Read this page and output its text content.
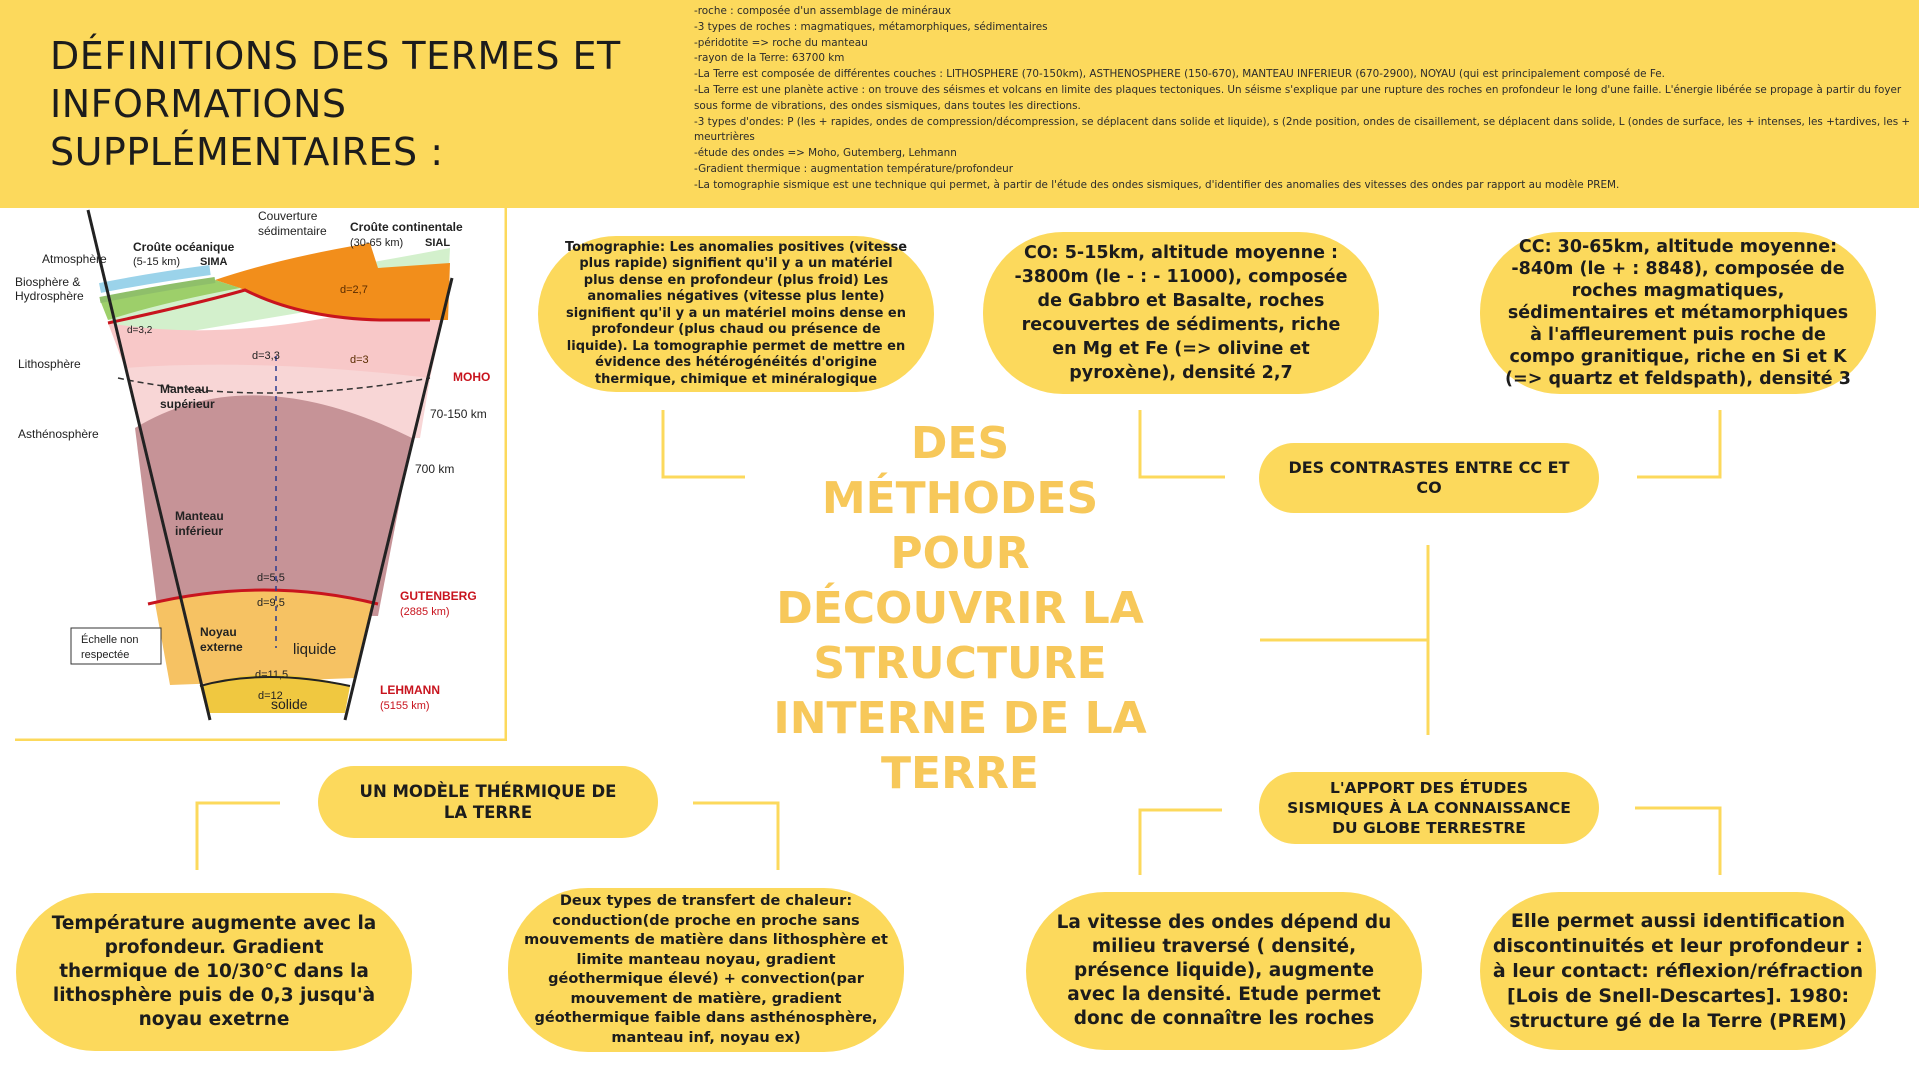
DÉFINITIONS DES TERMES ET
INFORMATIONS
SUPPLÉMENTAIRES :
-roche : composée d'un assemblage de minéraux
-3 types de roches : magmatiques, métamorphiques, sédimentaires
-péridotite => roche du manteau
-rayon de la Terre: 63700 km
-La Terre est composée de différentes couches : LITHOSPHERE (70-150km), ASTHENOSPHERE (150-670), MANTEAU INFERIEUR (670-2900), NOYAU (qui est principalement composé de Fe.
-La Terre est une planète active : on trouve des séismes et volcans en limite des plaques tectoniques. Un séisme s'explique par une rupture des roches en profondeur le long d'une faille. L'énergie libérée se propage à partir du foyer sous forme de vibrations, des ondes sismiques, dans toutes les directions.
-3 types d'ondes: P (les + rapides, ondes de compression/décompression, se déplacent dans solide et liquide), s (2nde position, ondes de cisaillement, se déplacent dans solide, L (ondes de surface, les + intenses, les +tardives, les + meurtrières
-étude des ondes => Moho, Gutemberg, Lehmann
-Gradient thermique : augmentation température/profondeur
-La tomographie sismique est une technique qui permet, à partir de l'étude des ondes sismiques, d'identifier des anomalies des vitesses des ondes par rapport au modèle PREM.
Atmosphère
Biosphère &
Hydrosphère
Lithosphère
Asthénosphère
Croûte océanique
(5-15 km) SIMA
Couverture
sédimentaire Croûte continentale
(30-65 km) SIAL
d=2,7
d=3,2
d=3,3	d=3
MOHO
70-150 km
700 km
Manteau
supérieur
Manteau
inférieur
d=5,5
d=9,5	GUTENBERG
(2885 km)
Noyau
externe	liquide
Échelle non
respectée
d=11,5
d=12
solide
LEHMANN
(5155 km)
DES
MÉTHODES
POUR
DÉCOUVRIR LA
STRUCTURE
INTERNE DE LA
TERRE
Tomographie: Les anomalies positives (vitesse plus rapide) signifient qu'il y a un matériel plus dense en profondeur (plus froid) Les anomalies négatives (vitesse plus lente) signifient qu'il y a un matériel moins dense en profondeur (plus chaud ou présence de liquide). La tomographie permet de mettre en évidence des hétérogénéités d'origine thermique, chimique et minéralogique
CO: 5-15km, altitude moyenne : -3800m (le - : - 11000), composée de Gabbro et Basalte, roches recouvertes de sédiments, riche en Mg et Fe (=> olivine et pyroxène), densité 2,7
CC: 30-65km, altitude moyenne: -840m (le + : 8848), composée de roches magmatiques, sédimentaires et métamorphiques à l'affleurement puis roche de compo granitique, riche en Si et K (=> quartz et feldspath), densité 3
DES CONTRASTES ENTRE CC ET CO
UN MODÈLE THÉRMIQUE DE LA TERRE
L'APPORT DES ÉTUDES SISMIQUES À LA CONNAISSANCE DU GLOBE TERRESTRE
Température augmente avec la profondeur. Gradient thermique de 10/30°C dans la lithosphère puis de 0,3 jusqu'à noyau exetrne
Deux types de transfert de chaleur: conduction(de proche en proche sans mouvements de matière dans lithosphère et limite manteau noyau, gradient géothermique élevé) + convection(par mouvement de matière, gradient géothermique faible dans asthénosphère, manteau inf, noyau ex)
La vitesse des ondes dépend du milieu traversé ( densité, présence liquide), augmente avec la densité. Etude permet donc de connaître les roches
Elle permet aussi identification discontinuités et leur profondeur : à leur contact: réflexion/réfraction [Lois de Snell-Descartes]. 1980: structure gé de la Terre (PREM)
